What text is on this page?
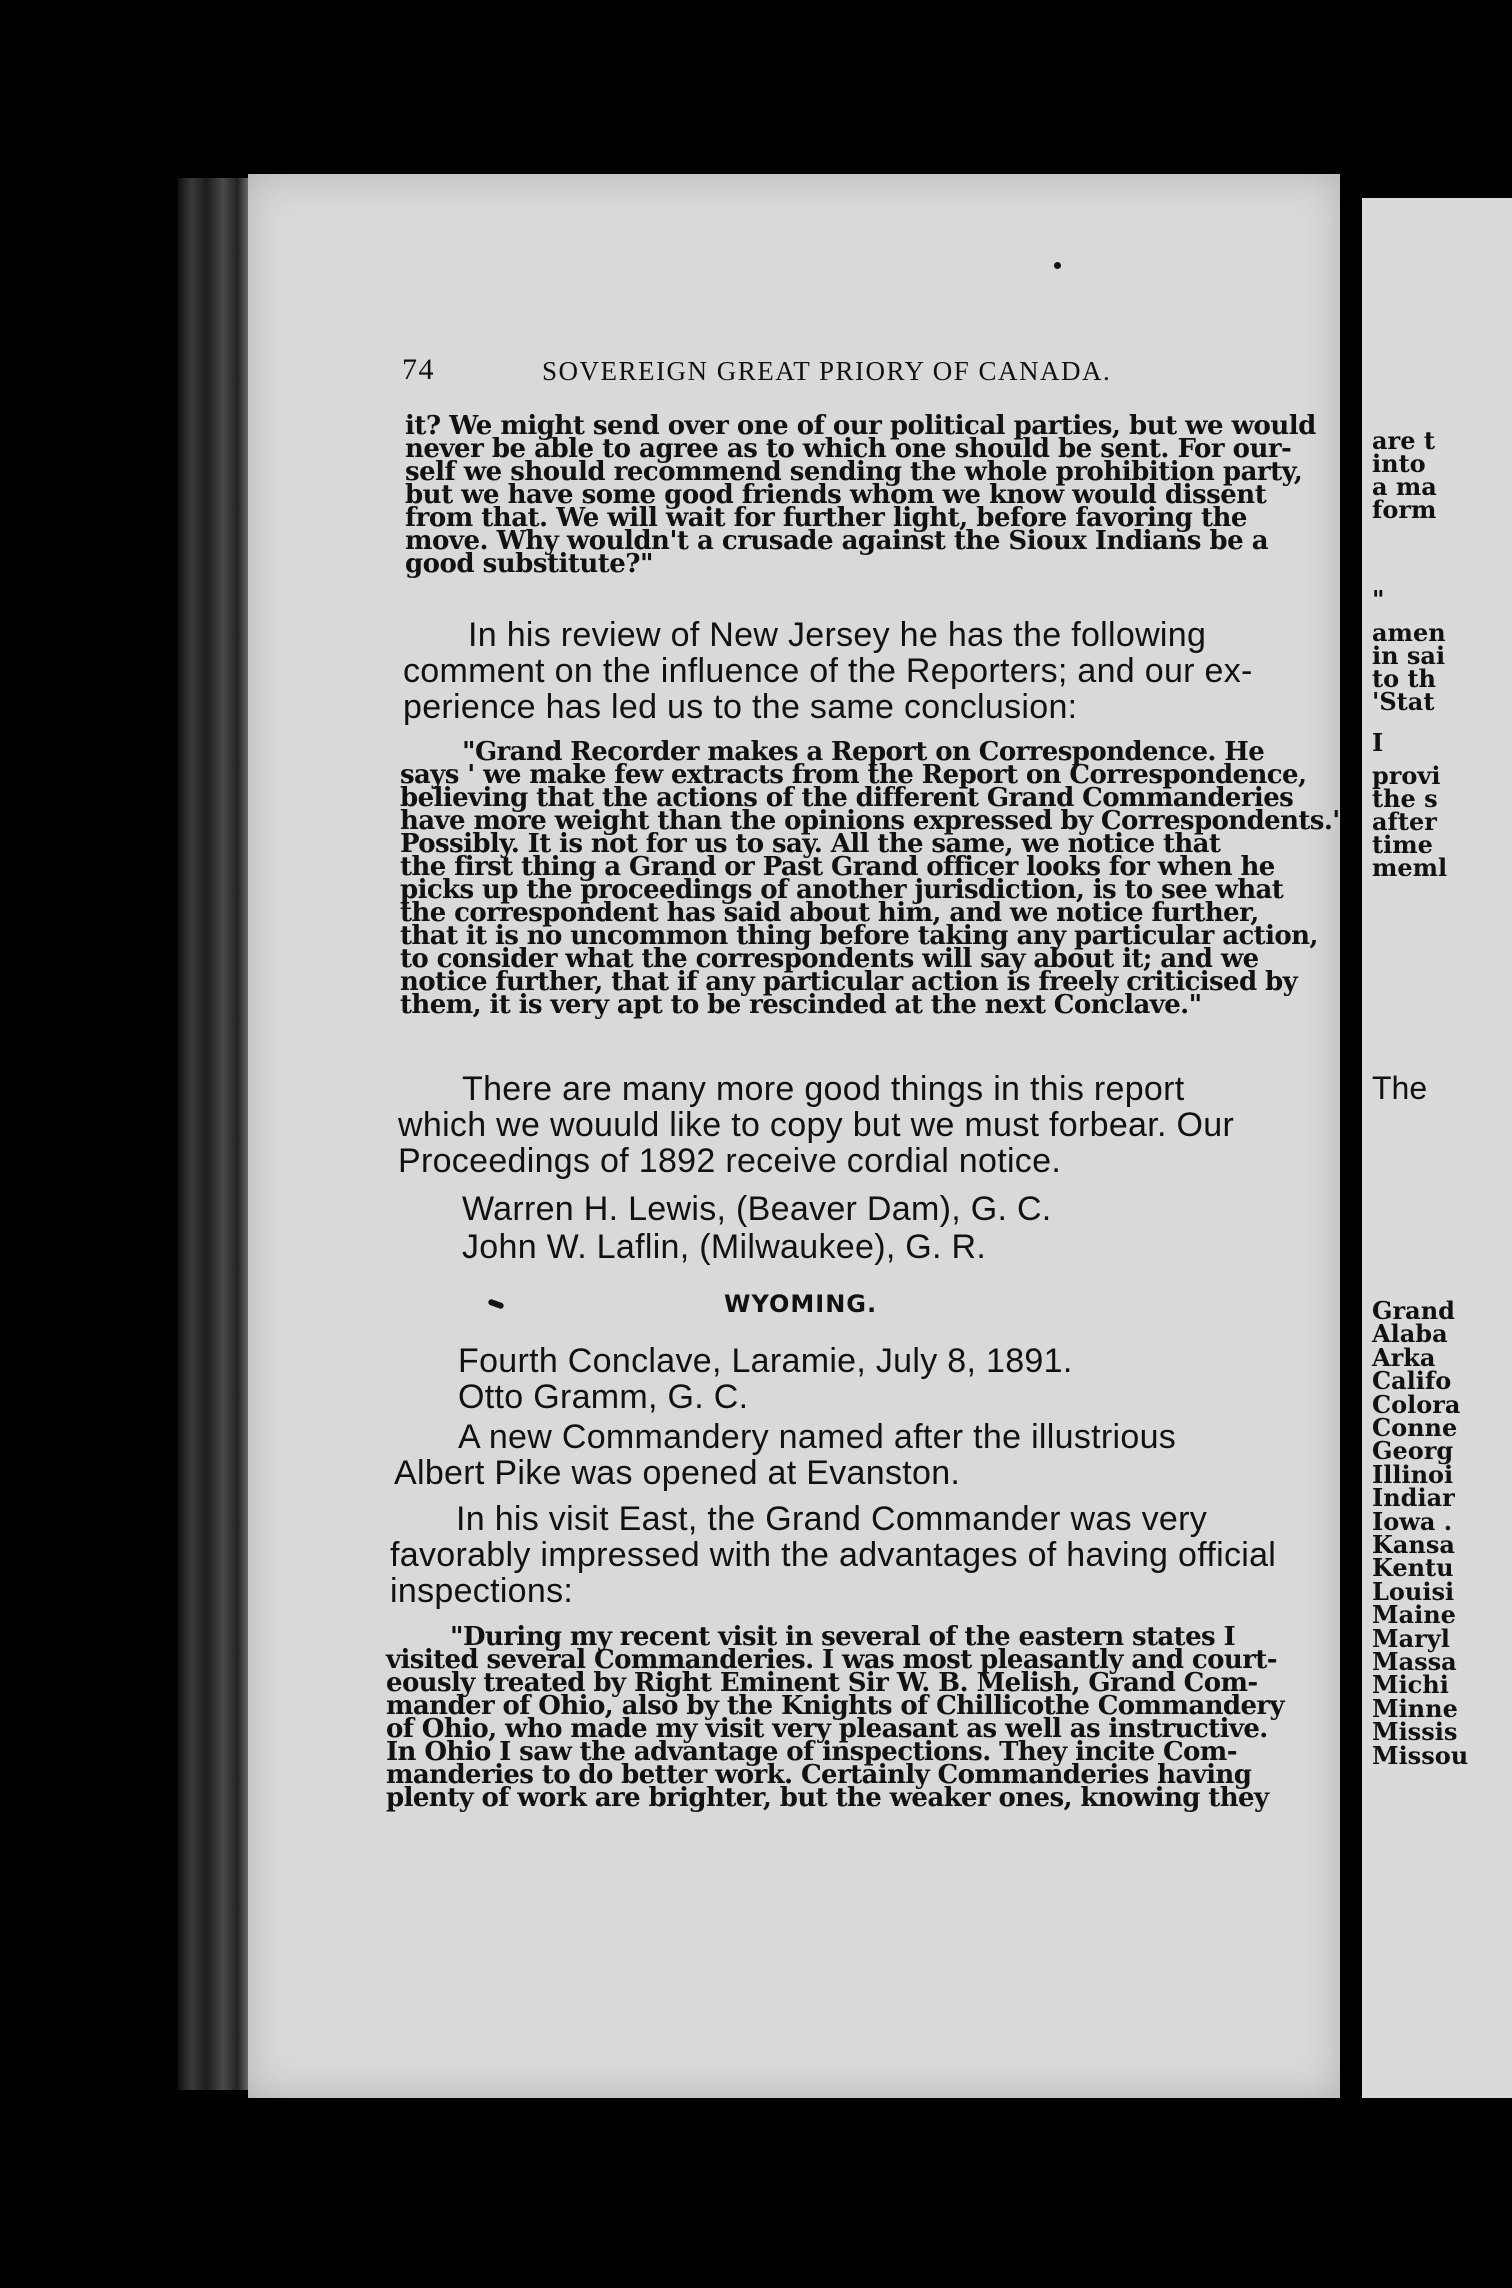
are t
into
a ma
form
"
amen
in sai
to th
'Stat
I
provi
the s
after
time
meml
The
Grand
Alaba
Arka
Califo
Colora
Conne
Georg
Illinoi
Indiar
Iowa .
Kansa
Kentu
Louisi
Maine
Maryl
Massa
Michi
Minne
Missis
Missou
74	SOVEREIGN GREAT PRIORY OF CANADA.

it? We might send over one of our political parties, but we would

never be able to agree as to which one should be sent. For our-

self we should recommend sending the whole prohibition party,

but we have some good friends whom we know would dissent

from that. We will wait for further light, before favoring the

move. Why wouldn't a crusade against the Sioux Indians be a

good substitute?"

In his review of New Jersey he has the following

comment on the influence of the Reporters; and our ex-

perience has led us to the same conclusion:

"Grand Recorder makes a Report on Correspondence. He

says ' we make few extracts from the Report on Correspondence,

believing that the actions of the different Grand Commanderies

have more weight than the opinions expressed by Correspondents.'

Possibly. It is not for us to say. All the same, we notice that

the first thing a Grand or Past Grand officer looks for when he

picks up the proceedings of another jurisdiction, is to see what

the correspondent has said about him, and we notice further,

that it is no uncommon thing before taking any particular action,

to consider what the correspondents will say about it; and we

notice further, that if any particular action is freely criticised by

them, it is very apt to be rescinded at the next Conclave."

There are many more good things in this report

which we wouuld like to copy but we must forbear. Our

Proceedings of 1892 receive cordial notice.

Warren H. Lewis, (Beaver Dam), G. C.

John W. Laflin, (Milwaukee), G. R.

WYOMING.

Fourth Conclave, Laramie, July 8, 1891.

Otto Gramm, G. C.

A new Commandery named after the illustrious

Albert Pike was opened at Evanston.

In his visit East, the Grand Commander was very

favorably impressed with the advantages of having official

inspections:

"During my recent visit in several of the eastern states I

visited several Commanderies. I was most pleasantly and court-

eously treated by Right Eminent Sir W. B. Melish, Grand Com-

mander of Ohio, also by the Knights of Chillicothe Commandery

of Ohio, who made my visit very pleasant as well as instructive.

In Ohio I saw the advantage of inspections. They incite Com-

manderies to do better work. Certainly Commanderies having

plenty of work are brighter, but the weaker ones, knowing they
